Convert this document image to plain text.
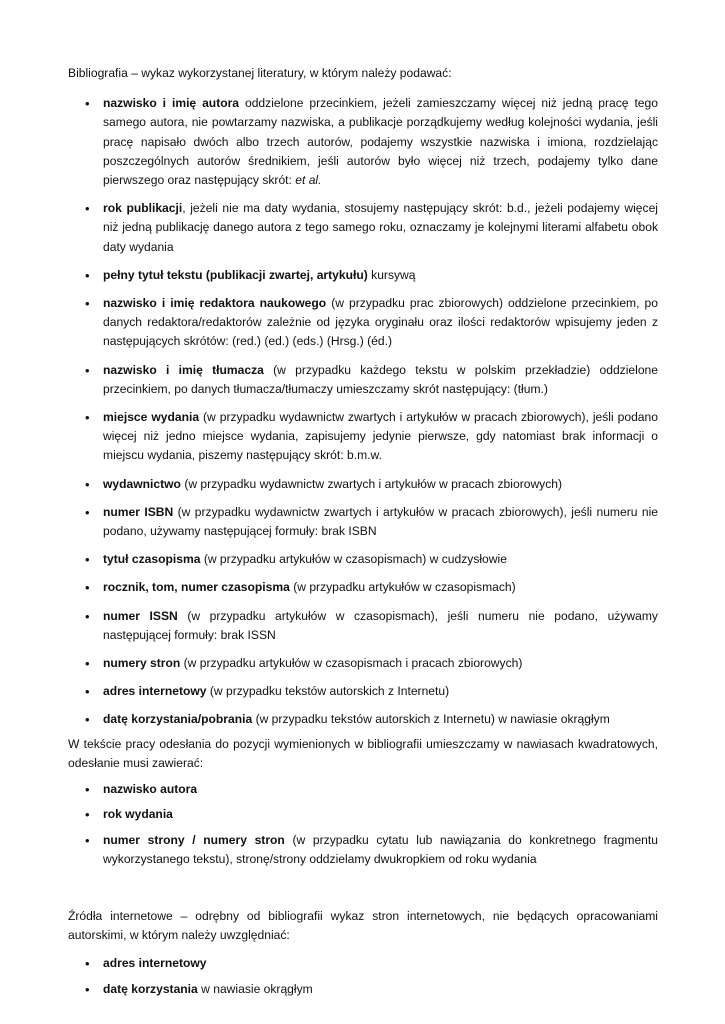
Bibliografia – wykaz wykorzystanej literatury, w którym należy podawać:

• nazwisko i imię autora oddzielone przecinkiem, jeżeli zamieszczamy więcej niż jedną pracę tego samego autora, nie powtarzamy nazwiska, a publikacje porządkujemy według kolejności wydania, jeśli pracę napisało dwóch albo trzech autorów, podajemy wszystkie nazwiska i imiona, rozdzielając poszczególnych autorów średnikiem, jeśli autorów było więcej niż trzech, podajemy tylko dane pierwszego oraz następujący skrót: et al.
• rok publikacji, jeżeli nie ma daty wydania, stosujemy następujący skrót: b.d., jeżeli podajemy więcej niż jedną publikację danego autora z tego samego roku, oznaczamy je kolejnymi literami alfabetu obok daty wydania
• pełny tytuł tekstu (publikacji zwartej, artykułu) kursywą
• nazwisko i imię redaktora naukowego (w przypadku prac zbiorowych) oddzielone przecinkiem, po danych redaktora/redaktorów zależnie od języka oryginału oraz ilości redaktorów wpisujemy jeden z następujących skrótów: (red.) (ed.) (eds.) (Hrsg.) (éd.)
• nazwisko i imię tłumacza (w przypadku każdego tekstu w polskim przekładzie) oddzielone przecinkiem, po danych tłumacza/tłumaczy umieszczamy skrót następujący: (tłum.)
• miejsce wydania (w przypadku wydawnictw zwartych i artykułów w pracach zbiorowych), jeśli podano więcej niż jedno miejsce wydania, zapisujemy jedynie pierwsze, gdy natomiast brak informacji o miejscu wydania, piszemy następujący skrót: b.m.w.
• wydawnictwo (w przypadku wydawnictw zwartych i artykułów w pracach zbiorowych)
• numer ISBN (w przypadku wydawnictw zwartych i artykułów w pracach zbiorowych), jeśli numeru nie podano, używamy następującej formuły: brak ISBN
• tytuł czasopisma (w przypadku artykułów w czasopismach) w cudzysłowie
• rocznik, tom, numer czasopisma (w przypadku artykułów w czasopismach)
• numer ISSN (w przypadku artykułów w czasopismach), jeśli numeru nie podano, używamy następującej formuły: brak ISSN
• numery stron (w przypadku artykułów w czasopismach i pracach zbiorowych)
• adres internetowy (w przypadku tekstów autorskich z Internetu)
• datę korzystania/pobrania (w przypadku tekstów autorskich z Internetu) w nawiasie okrągłym

W tekście pracy odesłania do pozycji wymienionych w bibliografii umieszczamy w nawiasach kwadratowych, odesłanie musi zawierać:

• nazwisko autora
• rok wydania
• numer strony / numery stron (w przypadku cytatu lub nawiązania do konkretnego fragmentu wykorzystanego tekstu), stronę/strony oddzielamy dwukropkiem od roku wydania

Źródła internetowe – odrębny od bibliografii wykaz stron internetowych, nie będących opracowaniami autorskimi, w którym należy uwzględniać:

• adres internetowy
• datę korzystania w nawiasie okrągłym
